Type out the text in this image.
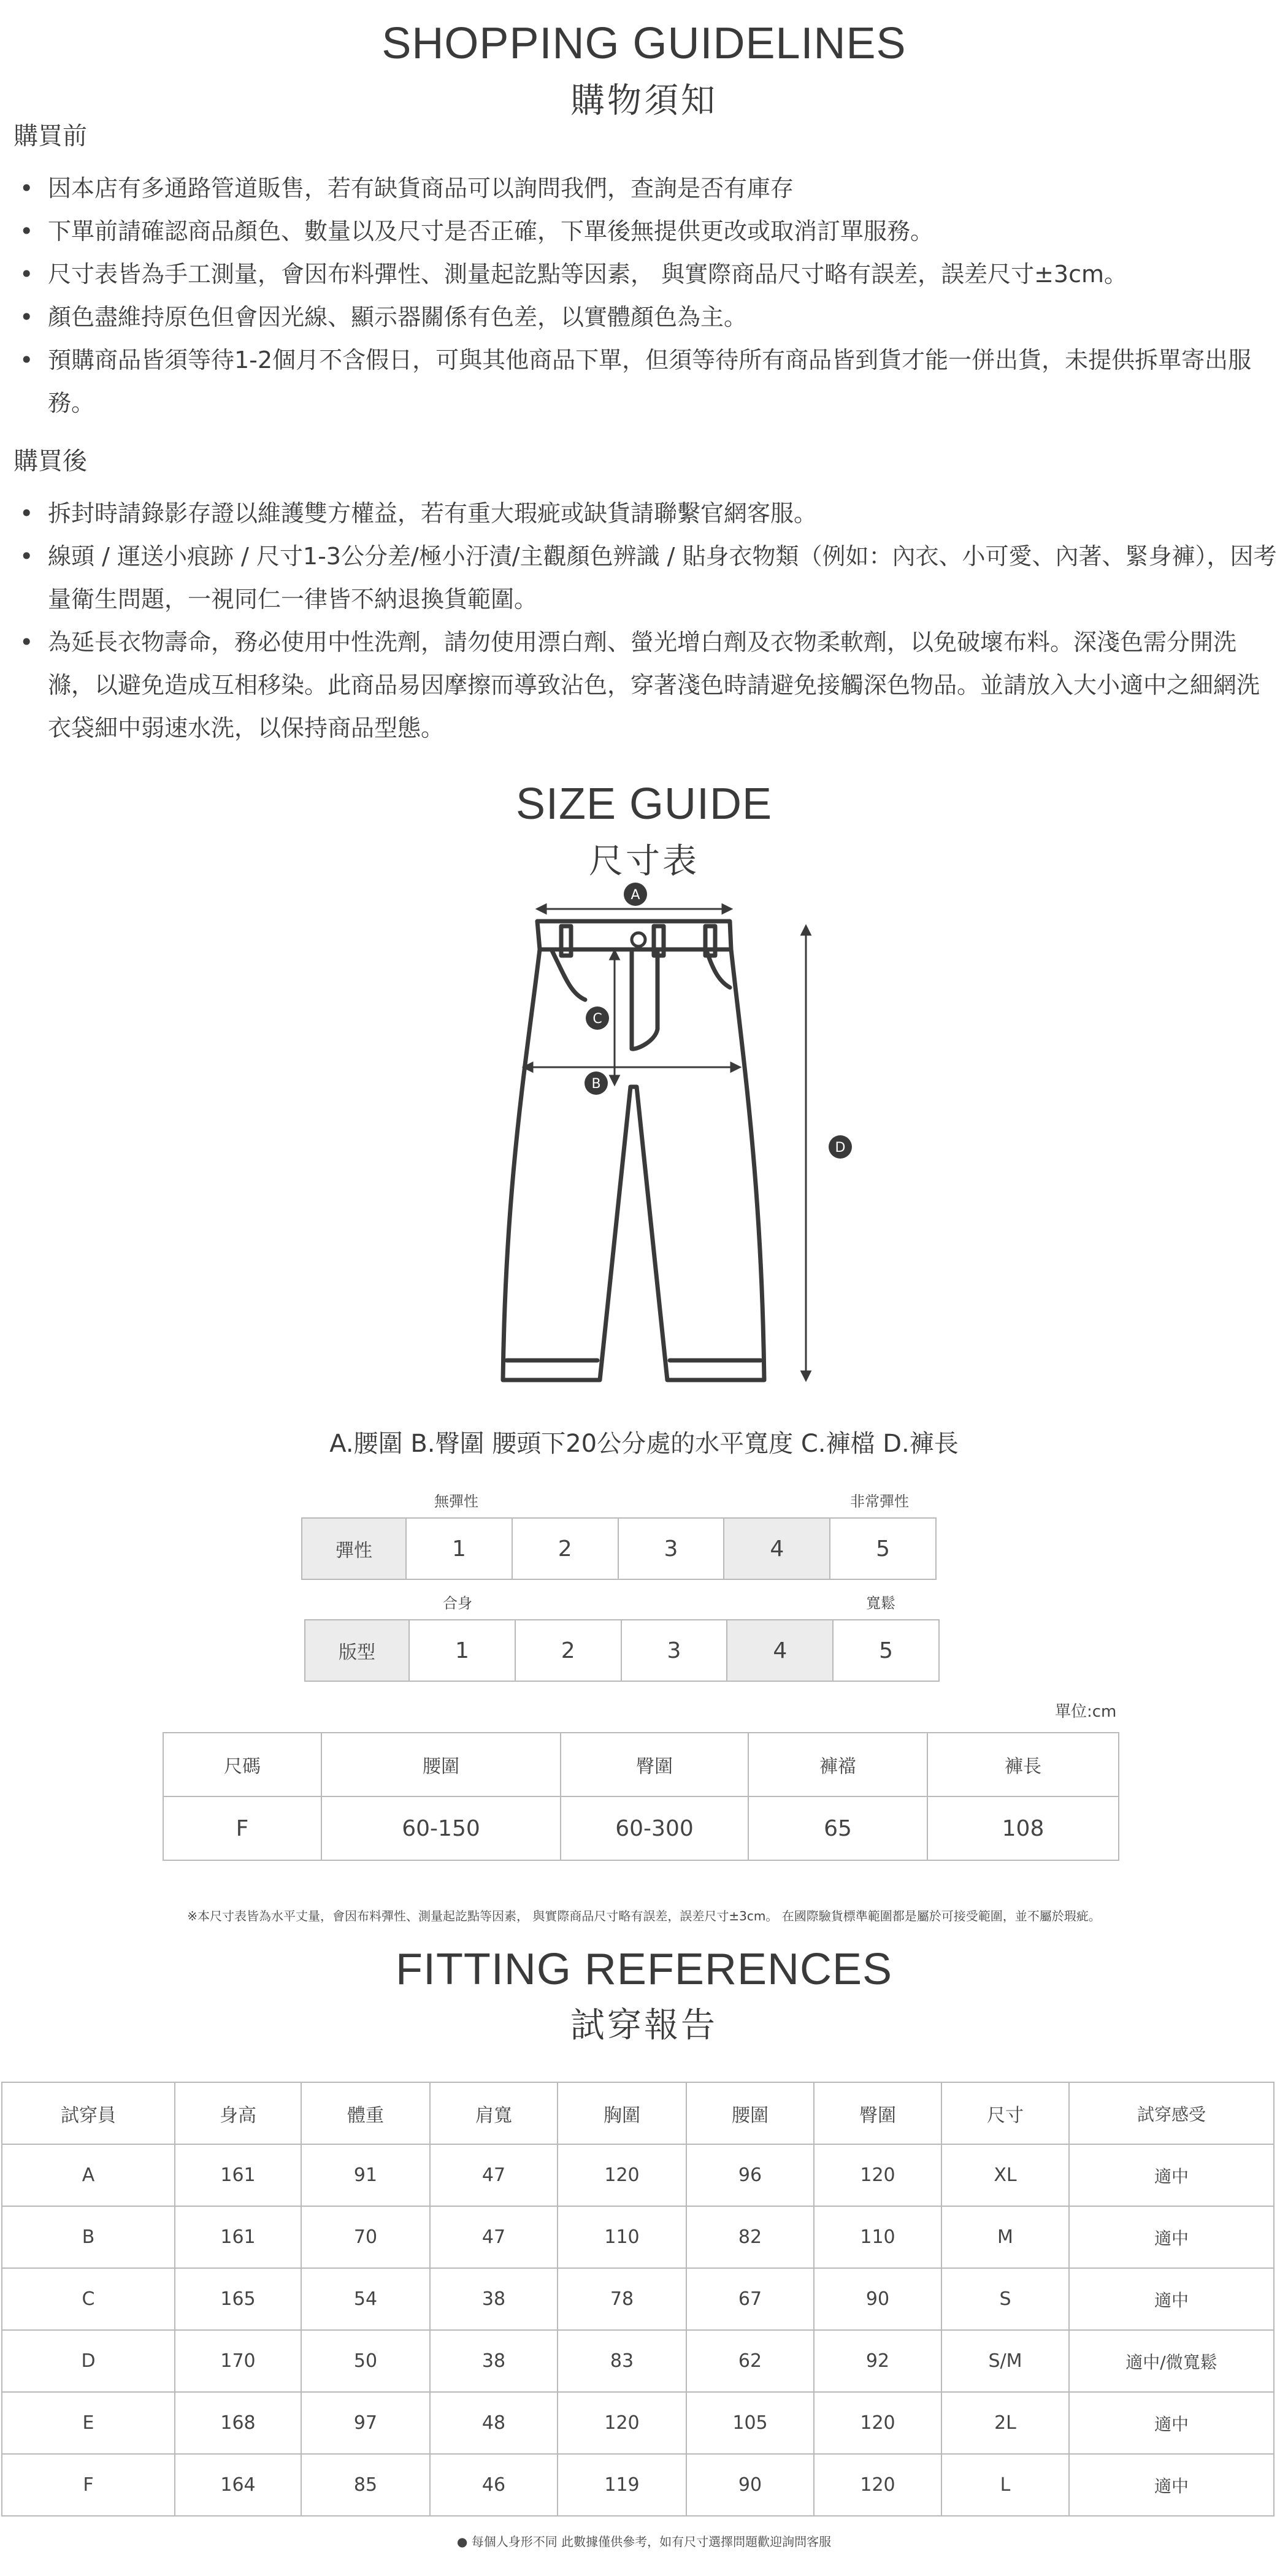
SHOPPING GUIDELINES
購物須知
購買前
• 因本店有多通路管道販售，若有缺貨商品可以詢問我們，查詢是否有庫存
• 下單前請確認商品顏色、數量以及尺寸是否正確，下單後無提供更改或取消訂單服務。
• 尺寸表皆為手工測量，會因布料彈性、測量起訖點等因素， 與實際商品尺寸略有誤差，誤差尺寸±3cm。
• 顏色盡維持原色但會因光線、顯示器關係有色差，以實體顏色為主。
• 預購商品皆須等待1-2個月不含假日，可與其他商品下單，但須等待所有商品皆到貨才能一併出貨，未提供拆單寄出服務。
購買後
• 拆封時請錄影存證以維護雙方權益，若有重大瑕疵或缺貨請聯繫官網客服。
• 線頭 / 運送小痕跡 / 尺寸1-3公分差/極小汙漬/主觀顏色辨識 / 貼身衣物類（例如：內衣、小可愛、內著、緊身褲），因考量衛生問題，一視同仁一律皆不納退換貨範圍。
• 為延長衣物壽命，務必使用中性洗劑，請勿使用漂白劑、螢光增白劑及衣物柔軟劑，以免破壞布料。深淺色需分開洗滌，以避免造成互相移染。此商品易因摩擦而導致沾色，穿著淺色時請避免接觸深色物品。並請放入大小適中之細網洗衣袋細中弱速水洗，以保持商品型態。
SIZE GUIDE
尺寸表
A
B
C
D
A.腰圍 B.臀圍 腰頭下20公分處的水平寬度 C.褲檔 D.褲長
無彈性	非常彈性
彈性	1	2	3	4	5
合身	寬鬆
版型	1	2	3	4	5
單位:cm
尺碼	腰圍	臀圍	褲襠	褲長
F	60-150	60-300	65	108
※本尺寸表皆為水平丈量，會因布料彈性、測量起訖點等因素， 與實際商品尺寸略有誤差，誤差尺寸±3cm。 在國際驗貨標準範圍都是屬於可接受範圍，並不屬於瑕疵。
FITTING REFERENCES
試穿報告
試穿員	身高	體重	肩寬	胸圍	腰圍	臀圍	尺寸	試穿感受
A	161	91	47	120	96	120	XL	適中
B	161	70	47	110	82	110	M	適中
C	165	54	38	78	67	90	S	適中
D	170	50	38	83	62	92	S/M	適中/微寬鬆
E	168	97	48	120	105	120	2L	適中
F	164	85	46	119	90	120	L	適中
● 每個人身形不同 此數據僅供參考，如有尺寸選擇問題歡迎詢問客服
